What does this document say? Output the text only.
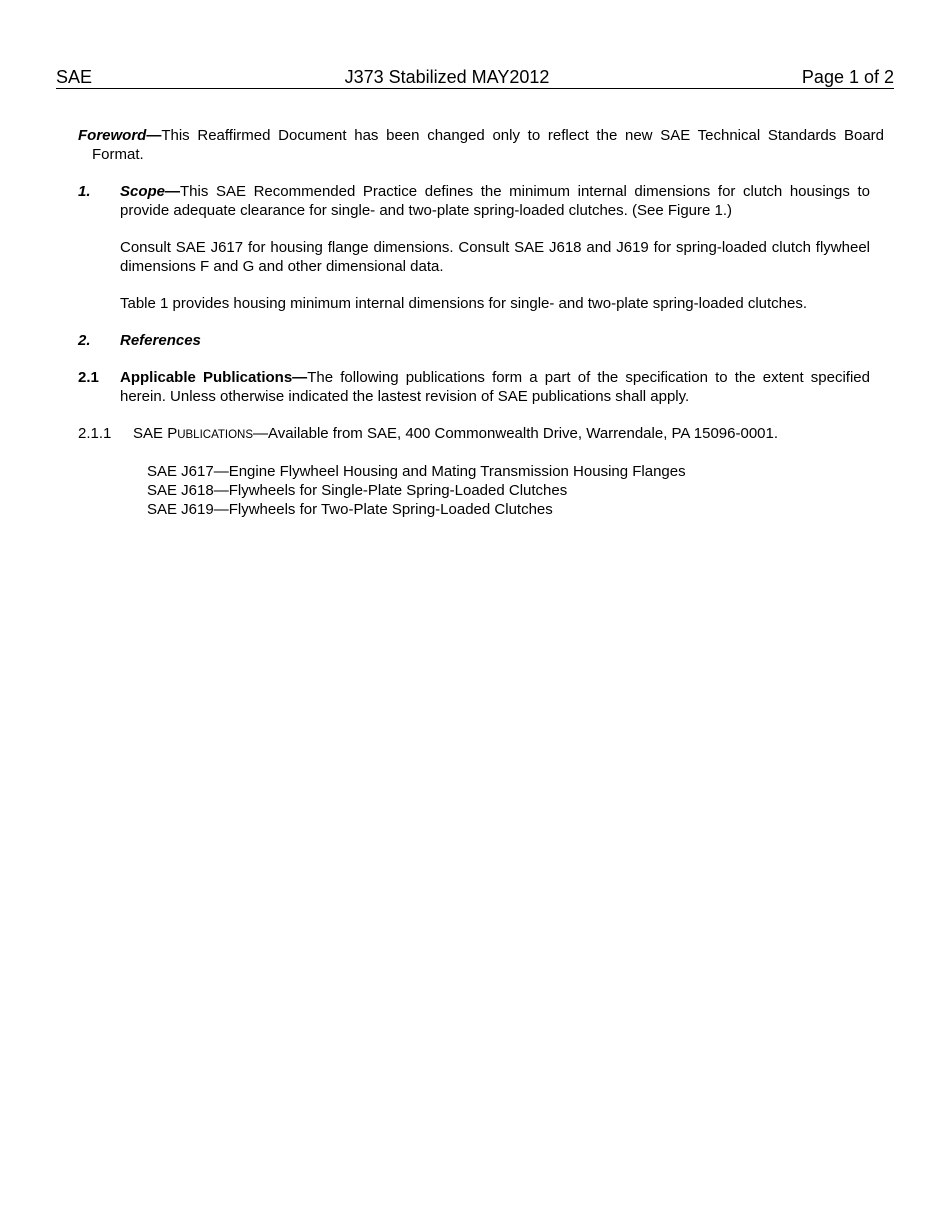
SAE	J373 Stabilized MAY2012	Page 1 of 2
Foreword—This Reaffirmed Document has been changed only to reflect the new SAE Technical Standards Board Format.
1. Scope—This SAE Recommended Practice defines the minimum internal dimensions for clutch housings to provide adequate clearance for single- and two-plate spring-loaded clutches. (See Figure 1.)
Consult SAE J617 for housing flange dimensions. Consult SAE J618 and J619 for spring-loaded clutch flywheel dimensions F and G and other dimensional data.
Table 1 provides housing minimum internal dimensions for single- and two-plate spring-loaded clutches.
2. References
2.1 Applicable Publications—The following publications form a part of the specification to the extent specified herein. Unless otherwise indicated the lastest revision of SAE publications shall apply.
2.1.1 SAE PUBLICATIONS—Available from SAE, 400 Commonwealth Drive, Warrendale, PA 15096-0001.
SAE J617—Engine Flywheel Housing and Mating Transmission Housing Flanges
SAE J618—Flywheels for Single-Plate Spring-Loaded Clutches
SAE J619—Flywheels for Two-Plate Spring-Loaded Clutches
